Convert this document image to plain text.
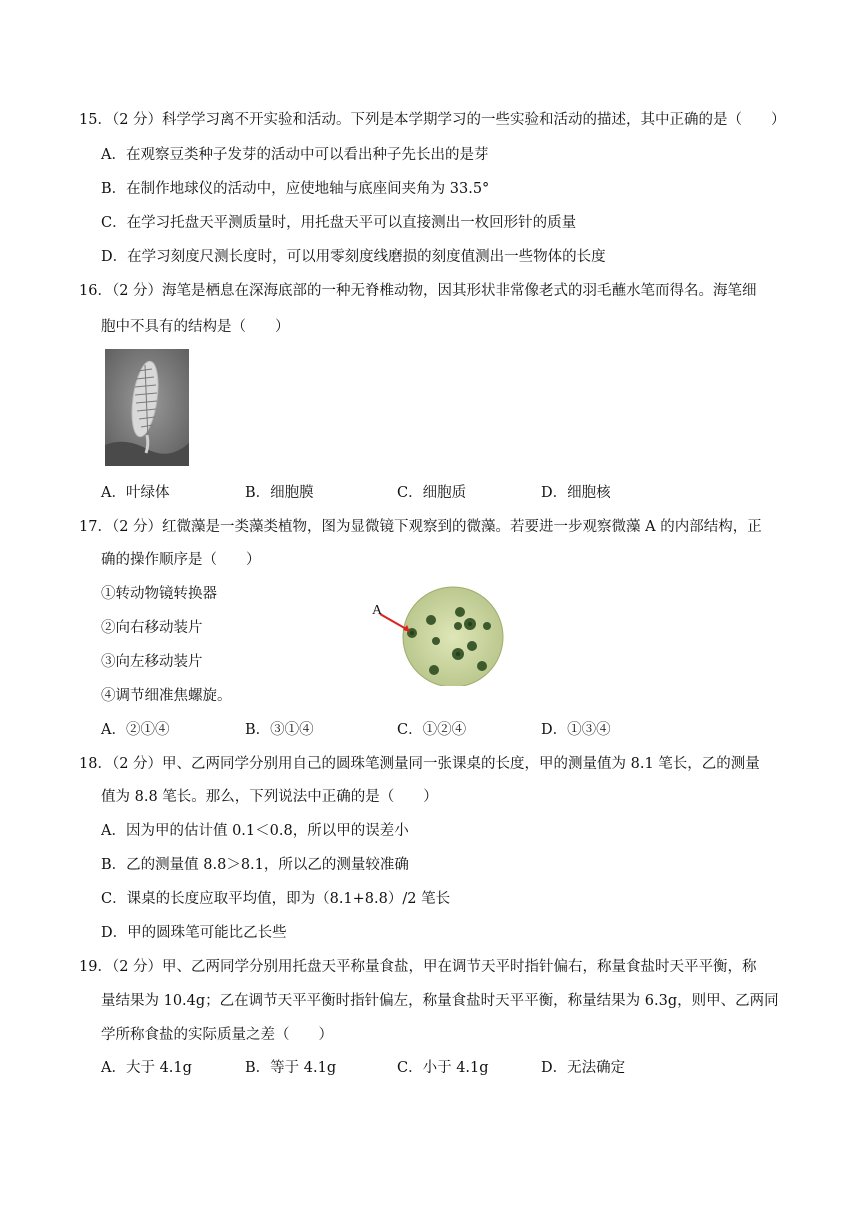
15．（2 分）科学学习离不开实验和活动。下列是本学期学习的一些实验和活动的描述，其中正确的是（　　）
A．在观察豆类种子发芽的活动中可以看出种子先长出的是芽
B．在制作地球仪的活动中，应使地轴与底座间夹角为 33.5°
C．在学习托盘天平测质量时，用托盘天平可以直接测出一枚回形针的质量
D．在学习刻度尺测长度时，可以用零刻度线磨损的刻度值测出一些物体的长度
16．（2 分）海笔是栖息在深海底部的一种无脊椎动物，因其形状非常像老式的羽毛蘸水笔而得名。海笔细
胞中不具有的结构是（　　）
A．叶绿体	B．细胞膜	C．细胞质	D．细胞核
17．（2 分）红微藻是一类藻类植物，图为显微镜下观察到的微藻。若要进一步观察微藻 A 的内部结构，正
确的操作顺序是（　　）
①转动物镜转换器
②向右移动装片
③向左移动装片
④调节细准焦螺旋。
A
A．②①④	B．③①④	C．①②④	D．①③④
18．（2 分）甲、乙两同学分别用自己的圆珠笔测量同一张课桌的长度，甲的测量值为 8.1 笔长，乙的测量
值为 8.8 笔长。那么，下列说法中正确的是（　　）
A．因为甲的估计值 0.1＜0.8，所以甲的误差小
B．乙的测量值 8.8＞8.1，所以乙的测量较准确
C．课桌的长度应取平均值，即为（8.1+8.8）/2 笔长
D．甲的圆珠笔可能比乙长些
19．（2 分）甲、乙两同学分别用托盘天平称量食盐，甲在调节天平时指针偏右，称量食盐时天平平衡，称
量结果为 10.4g；乙在调节天平平衡时指针偏左，称量食盐时天平平衡，称量结果为 6.3g，则甲、乙两同
学所称食盐的实际质量之差（　　）
A．大于 4.1g	B．等于 4.1g	C．小于 4.1g	D．无法确定
